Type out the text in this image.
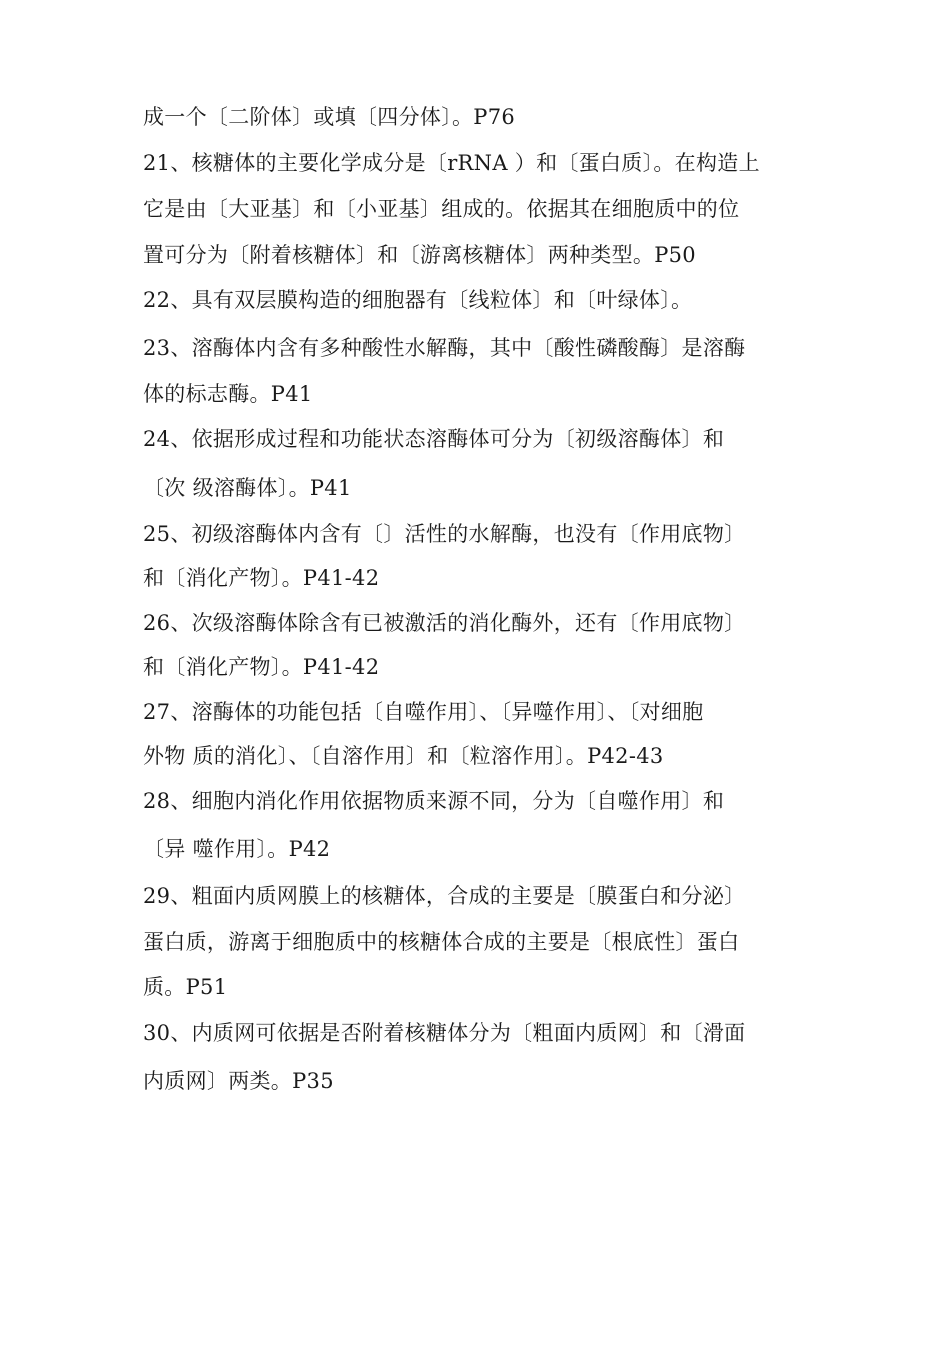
成一个〔二阶体〕或填〔四分体〕。P76
21、核糖体的主要化学成分是〔rRNA ）和〔蛋白质〕。在构造上
它是由〔大亚基〕和〔小亚基〕组成的。依据其在细胞质中的位
置可分为〔附着核糖体〕和〔游离核糖体〕两种类型。P50
22、具有双层膜构造的细胞器有〔线粒体〕和〔叶绿体〕。
23、溶酶体内含有多种酸性水解酶，其中〔酸性磷酸酶〕是溶酶
体的标志酶。P41
24、依据形成过程和功能状态溶酶体可分为〔初级溶酶体〕和
〔次 级溶酶体〕。P41
25、初级溶酶体内含有〔〕活性的水解酶，也没有〔作用底物〕
和〔消化产物〕。P41-42
26、次级溶酶体除含有已被激活的消化酶外，还有〔作用底物〕
和〔消化产物〕。P41-42
27、溶酶体的功能包括〔自噬作用〕、〔异噬作用〕、〔对细胞
外物 质的消化〕、〔自溶作用〕和〔粒溶作用〕。P42-43
28、细胞内消化作用依据物质来源不同，分为〔自噬作用〕和
〔异 噬作用〕。P42
29、粗面内质网膜上的核糖体，合成的主要是〔膜蛋白和分泌〕
蛋白质，游离于细胞质中的核糖体合成的主要是〔根底性〕蛋白
质。P51
30、内质网可依据是否附着核糖体分为〔粗面内质网〕和〔滑面
内质网〕两类。P35
